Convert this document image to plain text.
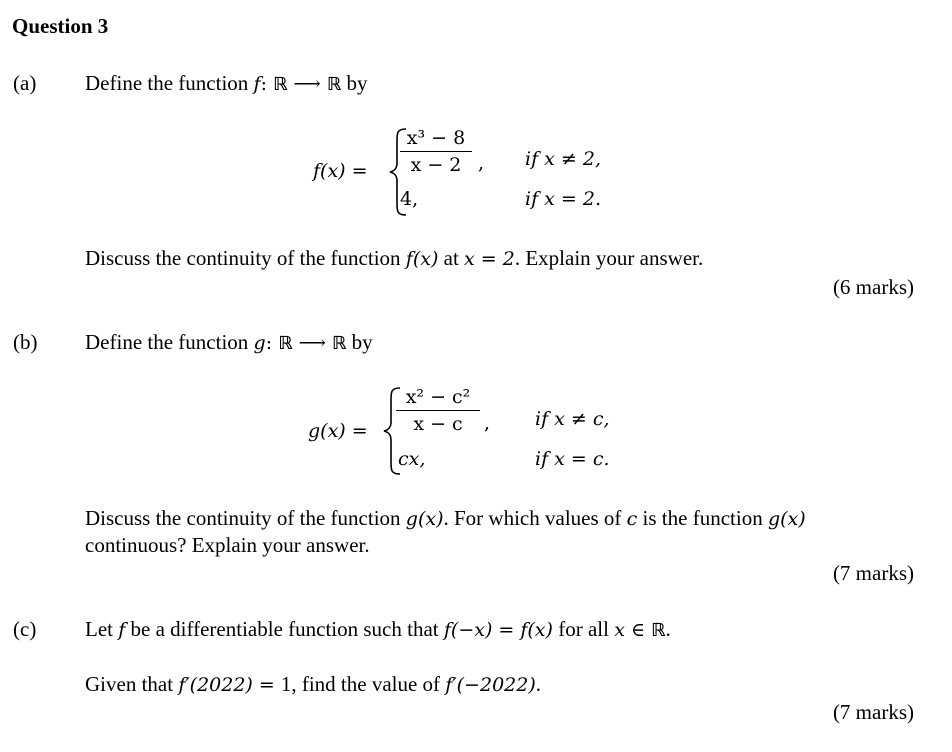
Question 3
(a) Define the function f: ℝ ⟶ ℝ by
f(x) =
x³ − 8
x − 2 ,
4,
if x ≠ 2,
if x = 2.
Discuss the continuity of the function f(x) at x = 2. Explain your answer.
(6 marks)
(b) Define the function g: ℝ ⟶ ℝ by
g(x) =
x² − c²
x − c	,
cx,
if x ≠ c,
if x = c.
Discuss the continuity of the function g(x). For which values of c is the function g(x)
continuous? Explain your answer.
(7 marks)
(c) Let f be a differentiable function such that f(−x) = f(x) for all x ∈ ℝ.
Given that f′(2022) = 1, find the value of f′(−2022).
(7 marks)
